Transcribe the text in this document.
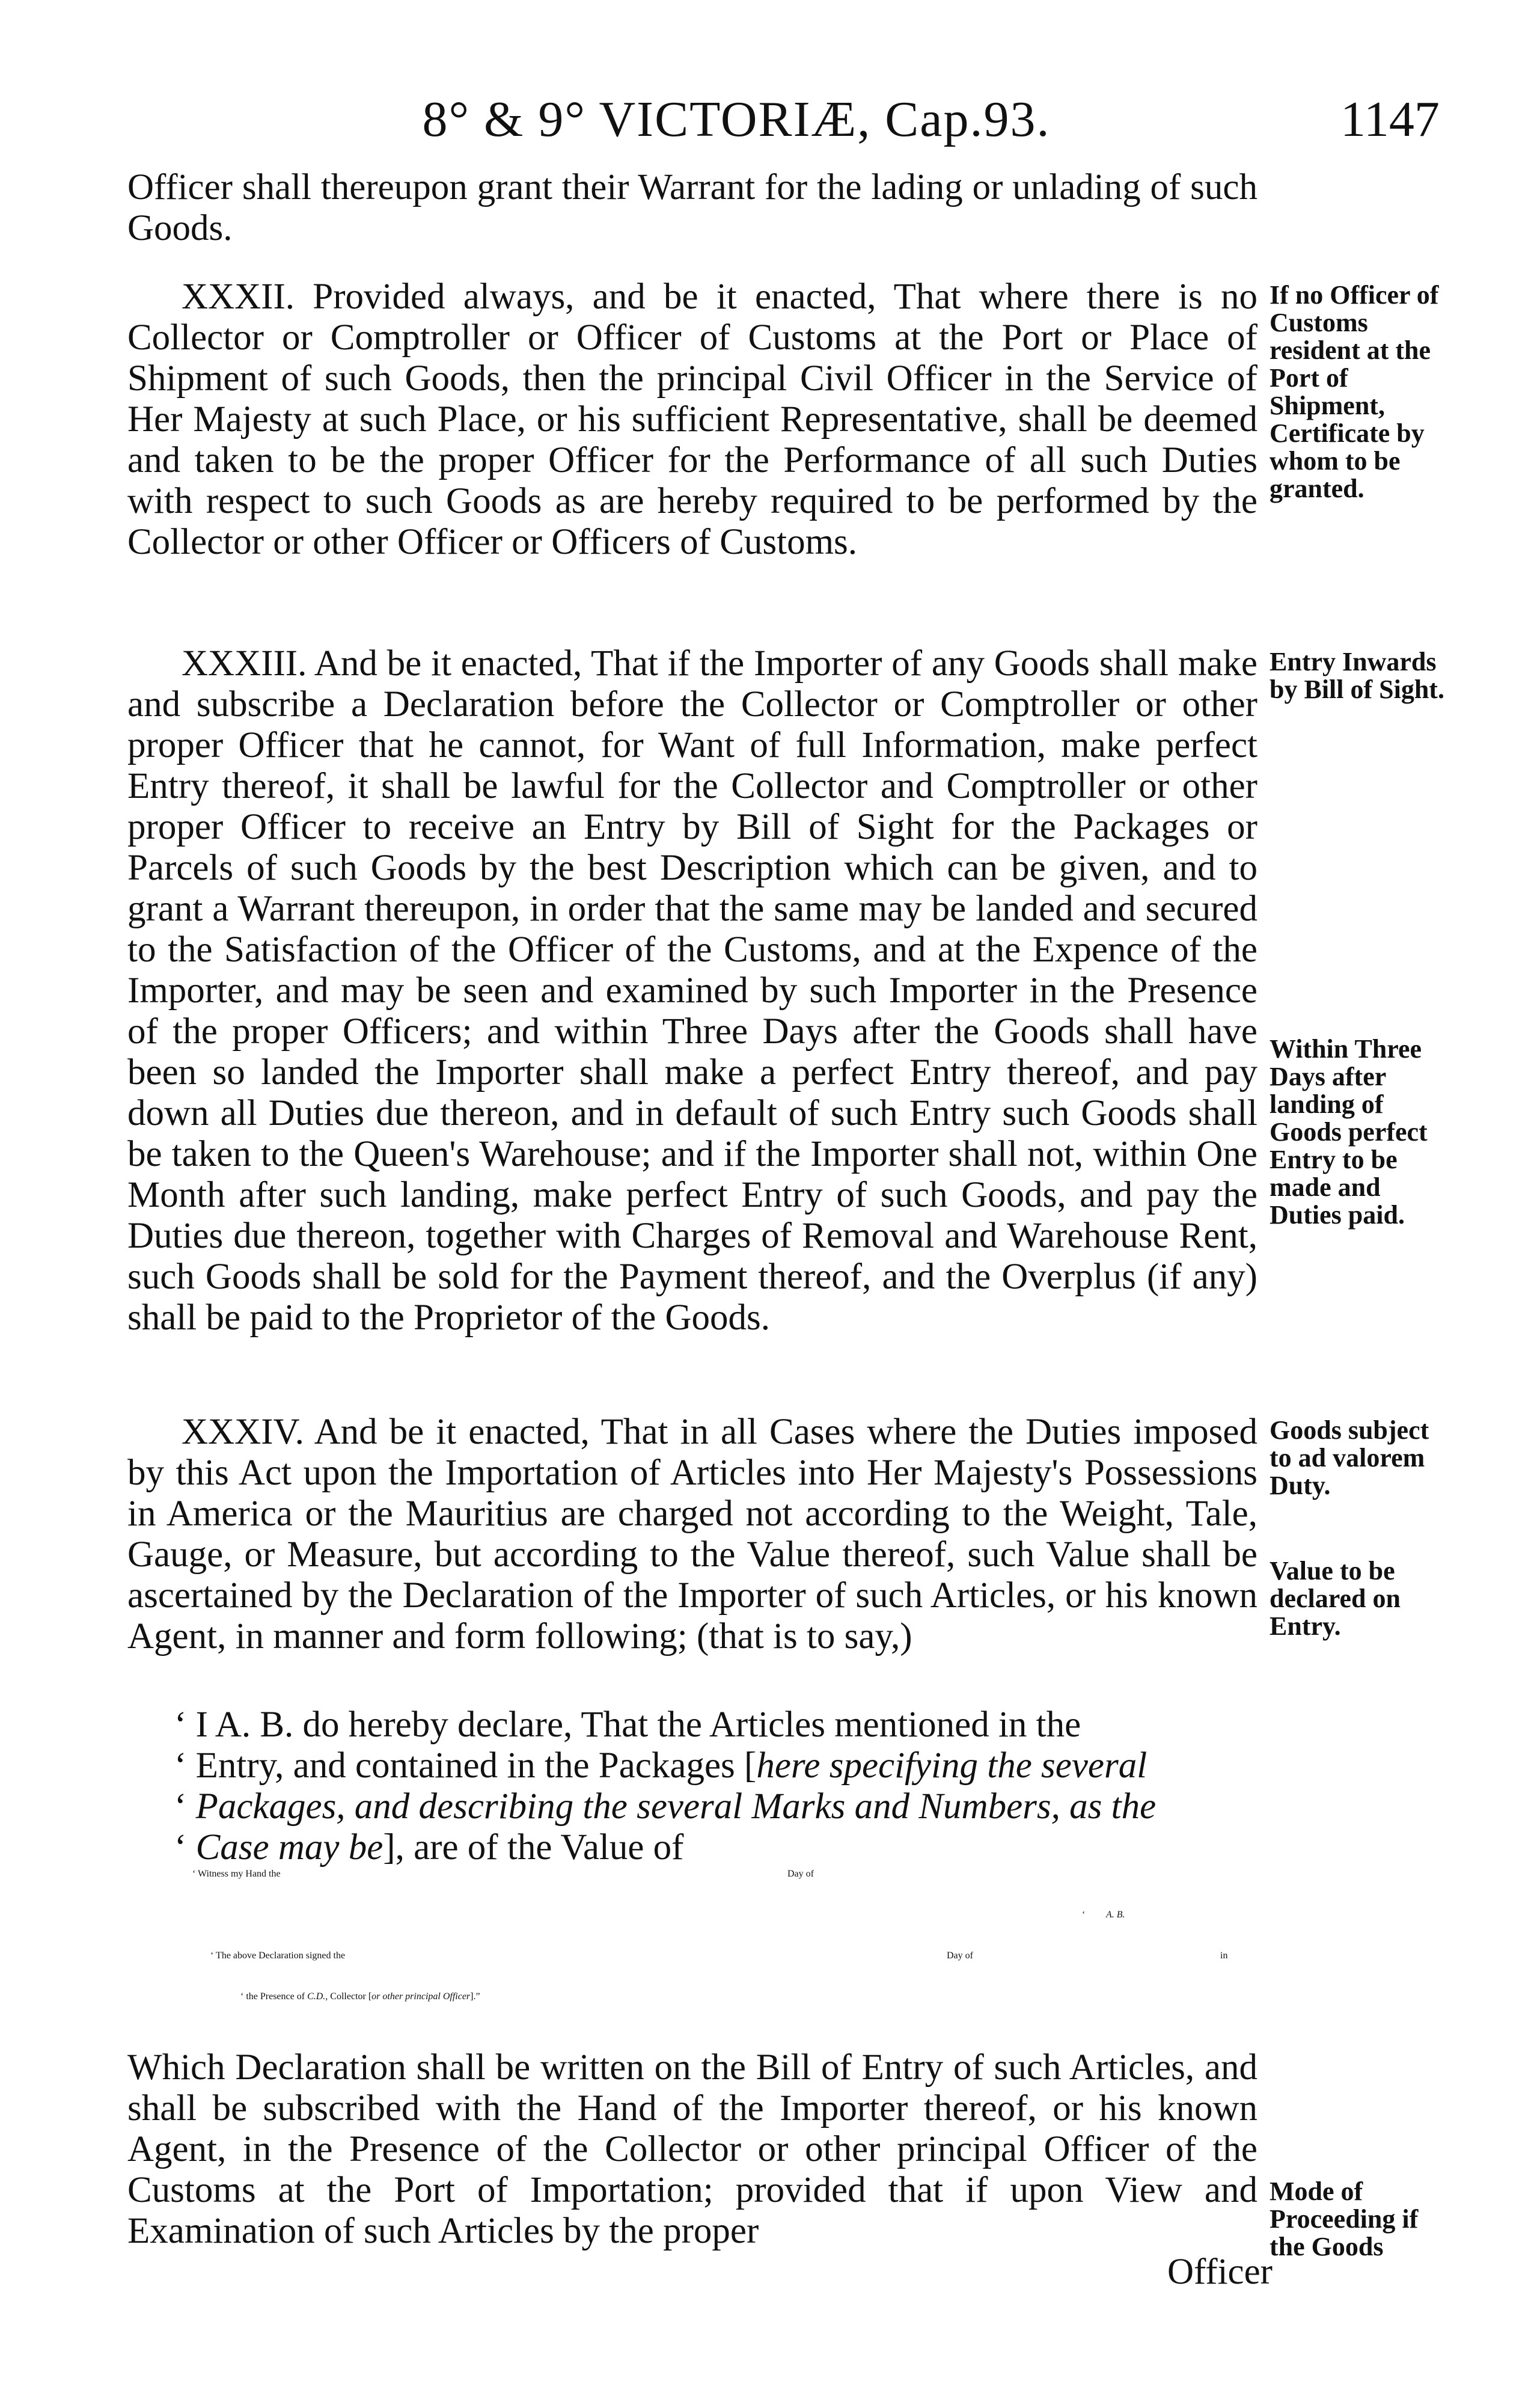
8° & 9° VICTORIÆ, Cap.93.	1147
Officer shall thereupon grant their Warrant for the lading or unlading of such Goods.
XXXII. Provided always, and be it enacted, That where there is no Collector or Comptroller or Officer of Customs at the Port or Place of Shipment of such Goods, then the principal Civil Officer in the Service of Her Majesty at such Place, or his sufficient Representative, shall be deemed and taken to be the proper Officer for the Performance of all such Duties with respect to such Goods as are hereby required to be performed by the Collector or other Officer or Officers of Customs.
If no Officer of Customs resident at the Port of Shipment, Certificate by whom to be granted.
XXXIII. And be it enacted, That if the Importer of any Goods shall make and subscribe a Declaration before the Collector or Comptroller or other proper Officer that he cannot, for Want of full Information, make perfect Entry thereof, it shall be lawful for the Collector and Comptroller or other proper Officer to receive an Entry by Bill of Sight for the Packages or Parcels of such Goods by the best Description which can be given, and to grant a Warrant thereupon, in order that the same may be landed and secured to the Satisfaction of the Officer of the Customs, and at the Expence of the Importer, and may be seen and examined by such Importer in the Presence of the proper Officers; and within Three Days after the Goods shall have been so landed the Importer shall make a perfect Entry thereof, and pay down all Duties due thereon, and in default of such Entry such Goods shall be taken to the Queen's Warehouse; and if the Importer shall not, within One Month after such landing, make perfect Entry of such Goods, and pay the Duties due thereon, together with Charges of Removal and Warehouse Rent, such Goods shall be sold for the Payment thereof, and the Overplus (if any) shall be paid to the Proprietor of the Goods.
Entry Inwards by Bill of Sight.
Within Three Days after landing of Goods perfect Entry to be made and Duties paid.
XXXIV. And be it enacted, That in all Cases where the Duties imposed by this Act upon the Importation of Articles into Her Majesty's Possessions in America or the Mauritius are charged not according to the Weight, Tale, Gauge, or Measure, but according to the Value thereof, such Value shall be ascertained by the Declaration of the Importer of such Articles, or his known Agent, in manner and form following; (that is to say,)
Goods subject to ad valorem Duty.
Value to be declared on Entry.
‘ I A. B. do hereby declare, That the Articles mentioned in the
‘ Entry, and contained in the Packages [here specifying the several
‘ Packages, and describing the several Marks and Numbers, as the
‘ Case may be], are of the Value of
‘ Witness my Hand the	Day of
‘ A. B.
‘ The above Declaration signed the	Day of	in
‘ the Presence of C.D., Collector [or other principal Officer].”
Which Declaration shall be written on the Bill of Entry of such Articles, and shall be subscribed with the Hand of the Importer thereof, or his known Agent, in the Presence of the Collector or other principal Officer of the Customs at the Port of Importation; provided that if upon View and Examination of such Articles by the proper
Officer
Mode of Proceeding if the Goods
